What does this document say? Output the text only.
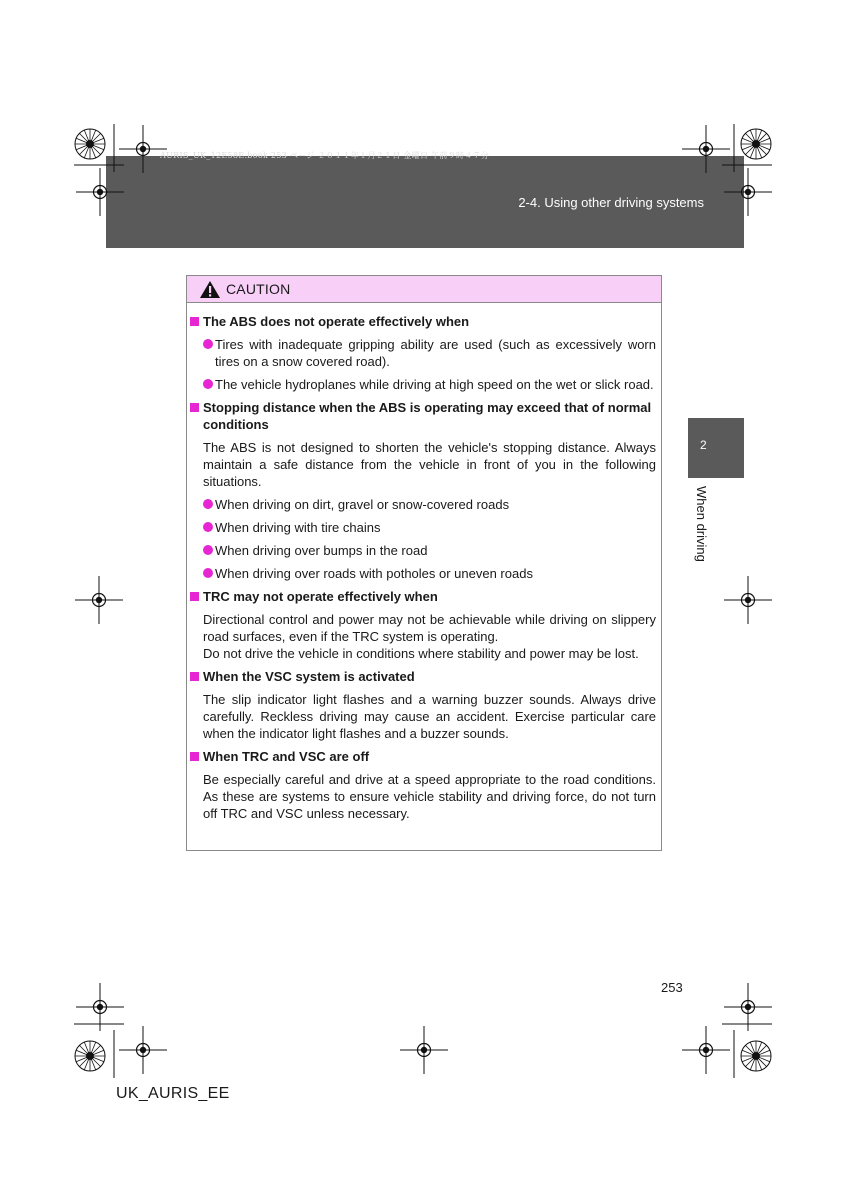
AURIS_UK_12E58E.book 253 ページ ２０１１年１月２１日 金曜日 午前９時４７分
2-4. Using other driving systems
2
When driving
CAUTION
The ABS does not operate effectively when
Tires with inadequate gripping ability are used (such as excessively worn tires on a snow covered road).
The vehicle hydroplanes while driving at high speed on the wet or slick road.
Stopping distance when the ABS is operating may exceed that of normal conditions
The ABS is not designed to shorten the vehicle's stopping distance. Always maintain a safe distance from the vehicle in front of you in the following situations.
When driving on dirt, gravel or snow-covered roads
When driving with tire chains
When driving over bumps in the road
When driving over roads with potholes or uneven roads
TRC may not operate effectively when
Directional control and power may not be achievable while driving on slippery road surfaces, even if the TRC system is operating.
Do not drive the vehicle in conditions where stability and power may be lost.
When the VSC system is activated
The slip indicator light flashes and a warning buzzer sounds. Always drive carefully. Reckless driving may cause an accident. Exercise particular care when the indicator light flashes and a buzzer sounds.
When TRC and VSC are off
Be especially careful and drive at a speed appropriate to the road conditions. As these are systems to ensure vehicle stability and driving force, do not turn off TRC and VSC unless necessary.
253
UK_AURIS_EE
